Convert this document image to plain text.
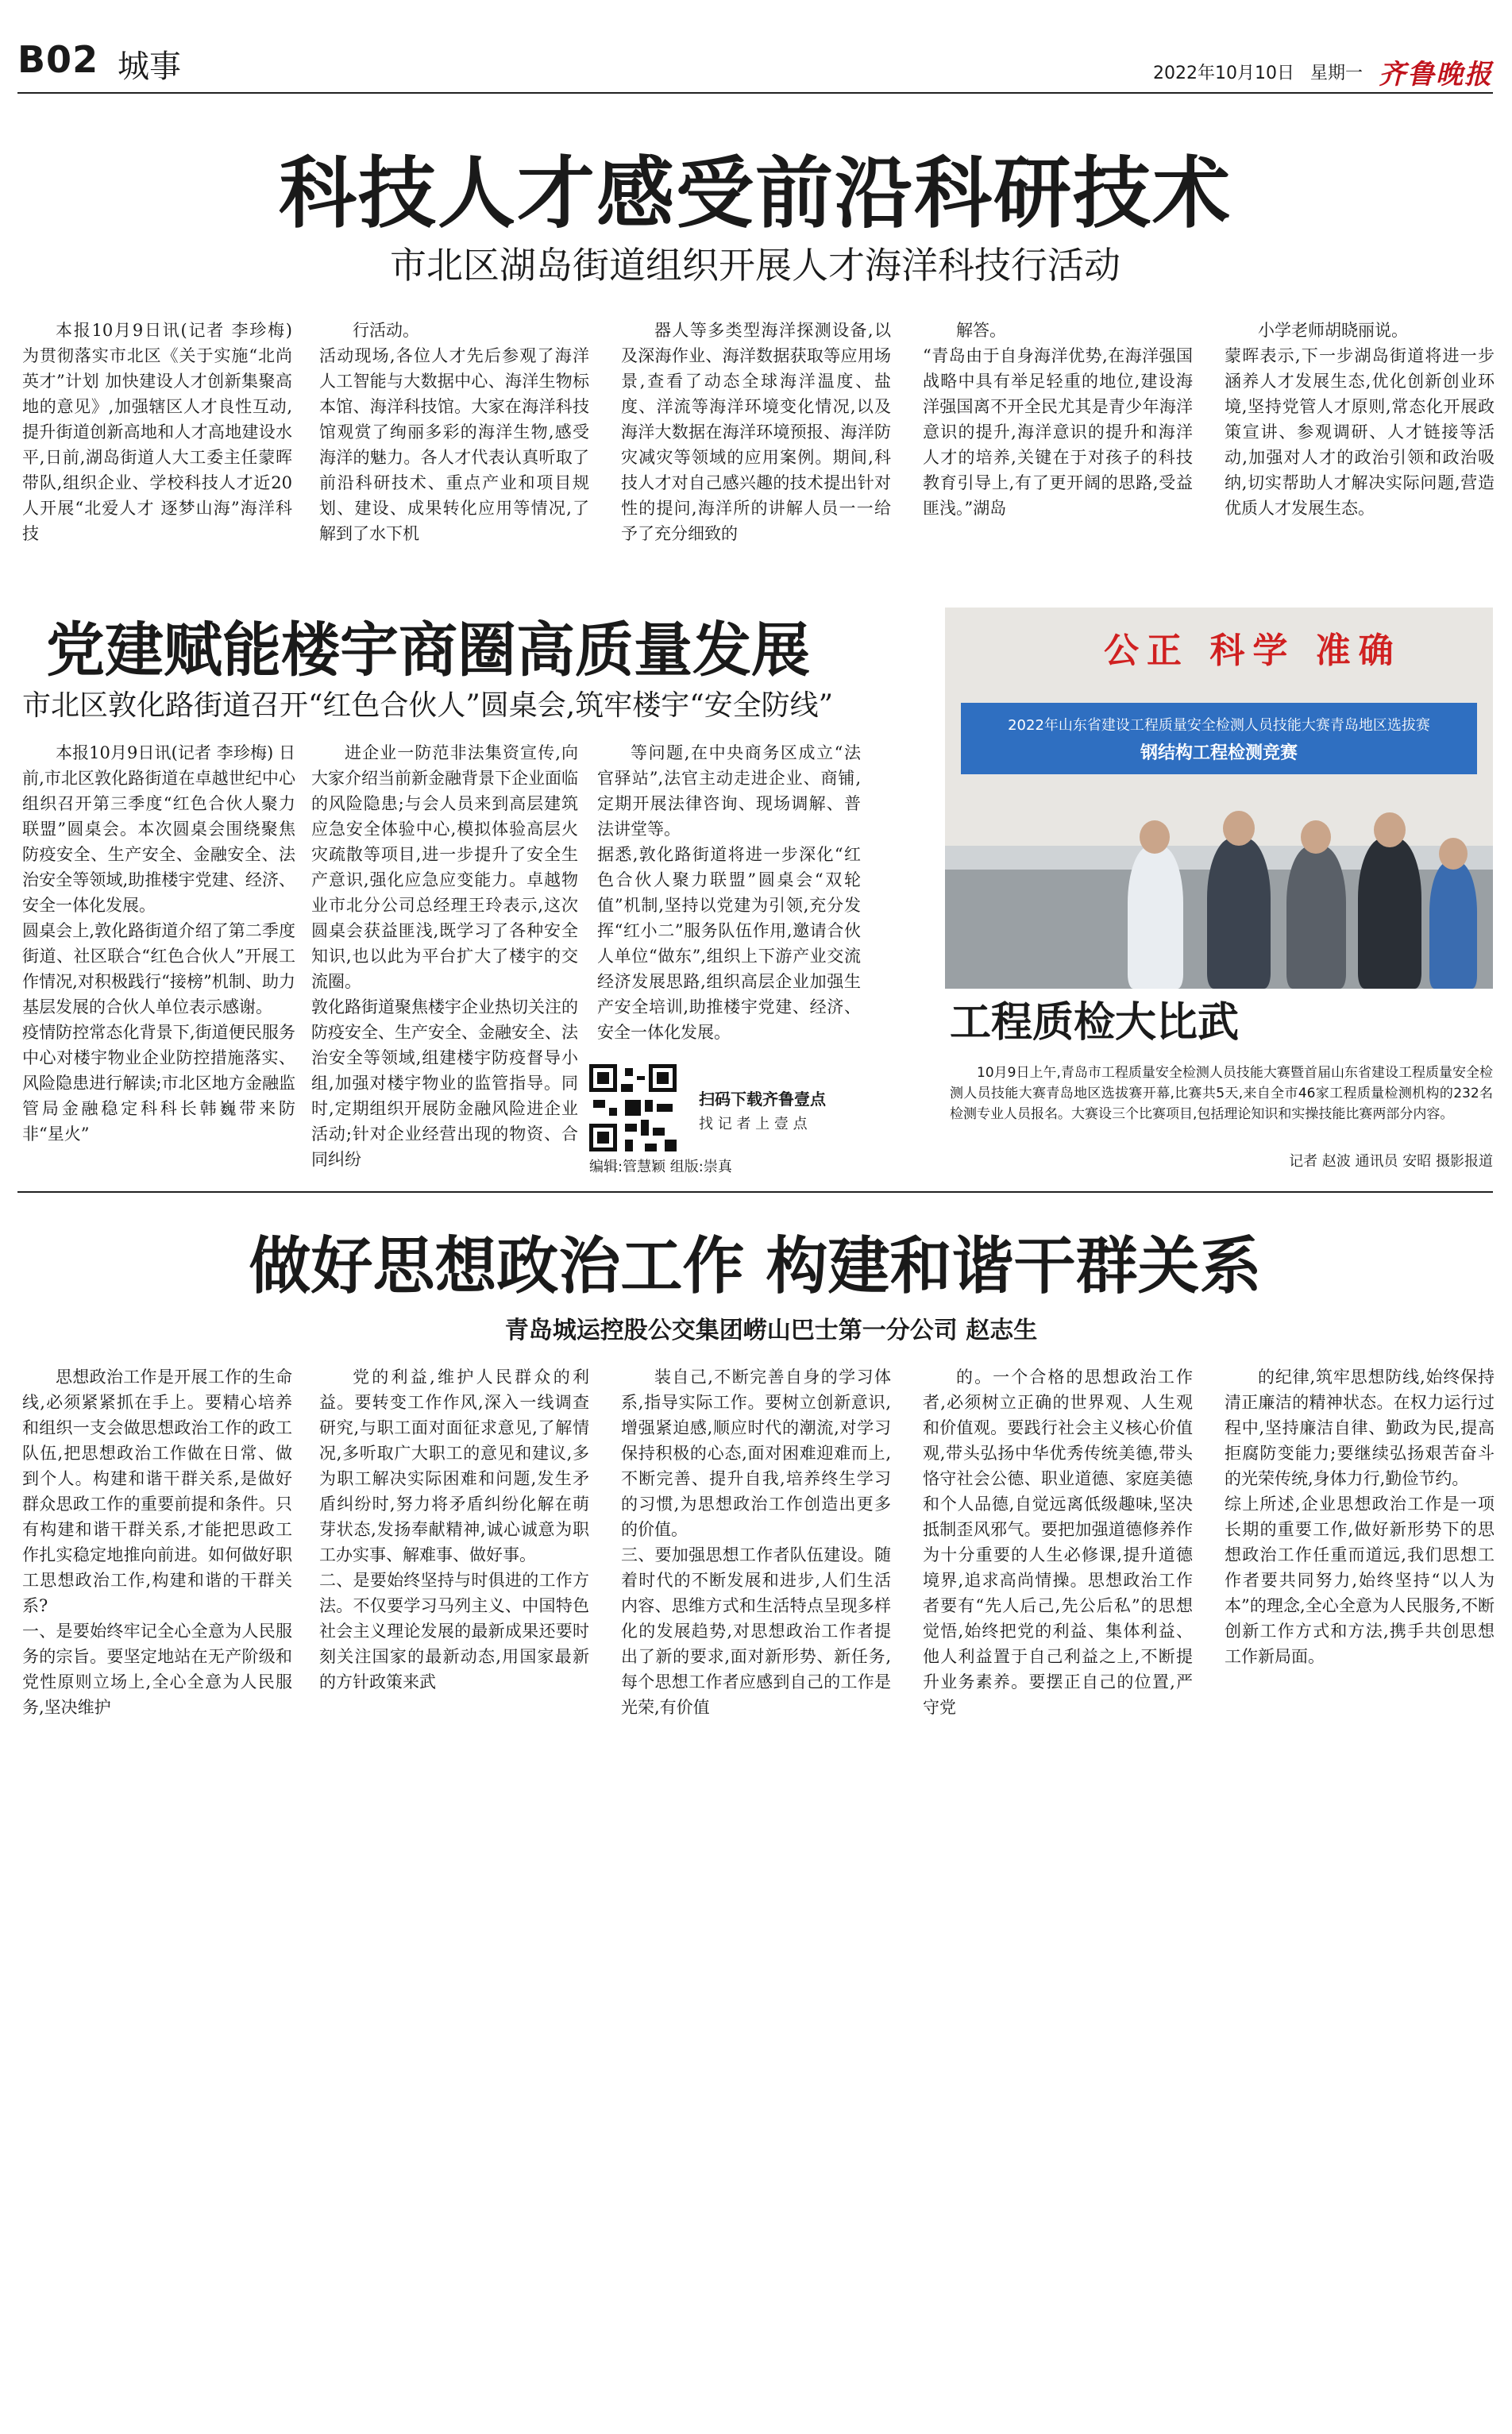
B02 城事	2022年10月10日 星期一 齐鲁晚报
科技人才感受前沿科研技术
市北区湖岛街道组织开展人才海洋科技行活动

本报10月9日讯(记者 李珍梅) 为贯彻落实市北区《关于实施“北尚英才”计划 加快建设人才创新集聚高地的意见》,加强辖区人才良性互动,提升街道创新高地和人才高地建设水平,日前,湖岛街道人大工委主任蒙晖带队,组织企业、学校科技人才近20人开展“北爱人才 逐梦山海”海洋科技

行活动。
活动现场,各位人才先后参观了海洋人工智能与大数据中心、海洋生物标本馆、海洋科技馆。大家在海洋科技馆观赏了绚丽多彩的海洋生物,感受海洋的魅力。各人才代表认真听取了前沿科研技术、重点产业和项目规划、建设、成果转化应用等情况,了解到了水下机

器人等多类型海洋探测设备,以及深海作业、海洋数据获取等应用场景,查看了动态全球海洋温度、盐度、洋流等海洋环境变化情况,以及海洋大数据在海洋环境预报、海洋防灾减灾等领域的应用案例。期间,科技人才对自己感兴趣的技术提出针对性的提问,海洋所的讲解人员一一给予了充分细致的

解答。
“青岛由于自身海洋优势,在海洋强国战略中具有举足轻重的地位,建设海洋强国离不开全民尤其是青少年海洋意识的提升,海洋意识的提升和海洋人才的培养,关键在于对孩子的科技教育引导上,有了更开阔的思路,受益匪浅。”湖岛

小学老师胡晓丽说。
蒙晖表示,下一步湖岛街道将进一步涵养人才发展生态,优化创新创业环境,坚持党管人才原则,常态化开展政策宣讲、参观调研、人才链接等活动,加强对人才的政治引领和政治吸纳,切实帮助人才解决实际问题,营造优质人才发展生态。

党建赋能楼宇商圈高质量发展
市北区敦化路街道召开“红色合伙人”圆桌会,筑牢楼宇“安全防线”

本报10月9日讯(记者 李珍梅) 日前,市北区敦化路街道在卓越世纪中心组织召开第三季度“红色合伙人聚力联盟”圆桌会。本次圆桌会围绕聚焦防疫安全、生产安全、金融安全、法治安全等领域,助推楼宇党建、经济、安全一体化发展。
圆桌会上,敦化路街道介绍了第二季度街道、社区联合“红色合伙人”开展工作情况,对积极践行“接榜”机制、助力基层发展的合伙人单位表示感谢。
疫情防控常态化背景下,街道便民服务中心对楼宇物业企业防控措施落实、风险隐患进行解读;市北区地方金融监管局金融稳定科科长韩巍带来防非“星火”

进企业一防范非法集资宣传,向大家介绍当前新金融背景下企业面临的风险隐患;与会人员来到高层建筑应急安全体验中心,模拟体验高层火灾疏散等项目,进一步提升了安全生产意识,强化应急应变能力。卓越物业市北分公司总经理王玲表示,这次圆桌会获益匪浅,既学习了各种安全知识,也以此为平台扩大了楼宇的交流圈。
敦化路街道聚焦楼宇企业热切关注的防疫安全、生产安全、金融安全、法治安全等领域,组建楼宇防疫督导小组,加强对楼宇物业的监管指导。同时,定期组织开展防金融风险进企业活动;针对企业经营出现的物资、合同纠纷

等问题,在中央商务区成立“法官驿站”,法官主动走进企业、商铺,定期开展法律咨询、现场调解、普法讲堂等。
据悉,敦化路街道将进一步深化“红色合伙人聚力联盟”圆桌会“双轮值”机制,坚持以党建为引领,充分发挥“红小二”服务队伍作用,邀请合伙人单位“做东”,组织上下游产业交流经济发展思路,组织高层企业加强生产安全培训,助推楼宇党建、经济、安全一体化发展。

扫码下载齐鲁壹点
找 记 者 上 壹 点
编辑:管慧颖 组版:崇真
公正 科学 准确
2022年山东省建设工程质量安全检测人员技能大赛青岛地区选拔赛
钢结构工程检测竞赛
工程质检大比武
10月9日上午,青岛市工程质量安全检测人员技能大赛暨首届山东省建设工程质量安全检测人员技能大赛青岛地区选拔赛开幕,比赛共5天,来自全市46家工程质量检测机构的232名检测专业人员报名。大赛设三个比赛项目,包括理论知识和实操技能比赛两部分内容。
记者 赵波 通讯员 安昭 摄影报道
做好思想政治工作 构建和谐干群关系
青岛城运控股公交集团崂山巴士第一分公司 赵志生

思想政治工作是开展工作的生命线,必须紧紧抓在手上。要精心培养和组织一支会做思想政治工作的政工队伍,把思想政治工作做在日常、做到个人。构建和谐干群关系,是做好群众思政工作的重要前提和条件。只有构建和谐干群关系,才能把思政工作扎实稳定地推向前进。如何做好职工思想政治工作,构建和谐的干群关系?
一、是要始终牢记全心全意为人民服务的宗旨。要坚定地站在无产阶级和党性原则立场上,全心全意为人民服务,坚决维护

党的利益,维护人民群众的利益。要转变工作作风,深入一线调查研究,与职工面对面征求意见,了解情况,多听取广大职工的意见和建议,多为职工解决实际困难和问题,发生矛盾纠纷时,努力将矛盾纠纷化解在萌芽状态,发扬奉献精神,诚心诚意为职工办实事、解难事、做好事。
二、是要始终坚持与时俱进的工作方法。不仅要学习马列主义、中国特色社会主义理论发展的最新成果还要时刻关注国家的最新动态,用国家最新的方针政策来武

装自己,不断完善自身的学习体系,指导实际工作。要树立创新意识,增强紧迫感,顺应时代的潮流,对学习保持积极的心态,面对困难迎难而上,不断完善、提升自我,培养终生学习的习惯,为思想政治工作创造出更多的价值。
三、要加强思想工作者队伍建设。随着时代的不断发展和进步,人们生活内容、思维方式和生活特点呈现多样化的发展趋势,对思想政治工作者提出了新的要求,面对新形势、新任务,每个思想工作者应感到自己的工作是光荣,有价值

的。一个合格的思想政治工作者,必须树立正确的世界观、人生观和价值观。要践行社会主义核心价值观,带头弘扬中华优秀传统美德,带头恪守社会公德、职业道德、家庭美德和个人品德,自觉远离低级趣味,坚决抵制歪风邪气。要把加强道德修养作为十分重要的人生必修课,提升道德境界,追求高尚情操。思想政治工作者要有“先人后己,先公后私”的思想觉悟,始终把党的利益、集体利益、他人利益置于自己利益之上,不断提升业务素养。要摆正自己的位置,严守党

的纪律,筑牢思想防线,始终保持清正廉洁的精神状态。在权力运行过程中,坚持廉洁自律、勤政为民,提高拒腐防变能力;要继续弘扬艰苦奋斗的光荣传统,身体力行,勤俭节约。
综上所述,企业思想政治工作是一项长期的重要工作,做好新形势下的思想政治工作任重而道远,我们思想工作者要共同努力,始终坚持“以人为本”的理念,全心全意为人民服务,不断创新工作方式和方法,携手共创思想工作新局面。
